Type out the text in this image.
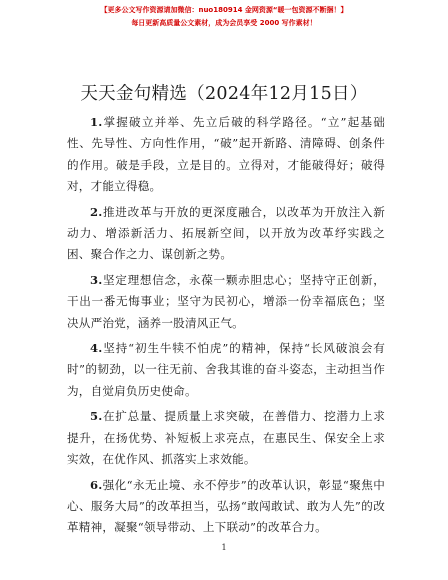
【更多公文写作资源请加微信：nuo180914 金网资源“暖一包资源不断捆！】
每日更新高质量公文素材，成为会员享受 2000 写作素材！
天天金句精选（2024年12月15日）

1.掌握破立并举、先立后破的科学路径。“立”起基础性、先导性、方向性作用，“破”起开新路、清障碍、创条件的作用。破是手段，立是目的。立得对，才能破得好；破得对，才能立得稳。

2.推进改革与开放的更深度融合，以改革为开放注入新动力、增添新活力、拓展新空间，以开放为改革纾实践之困、聚合作之力、谋创新之势。

3.坚定理想信念，永葆一颗赤胆忠心；坚持守正创新，干出一番无悔事业；坚守为民初心，增添一份幸福底色；坚决从严治党，涵养一股清风正气。

4.坚持“初生牛犊不怕虎”的精神，保持“长风破浪会有时”的韧劲，以一往无前、舍我其谁的奋斗姿态，主动担当作为，自觉肩负历史使命。

5.在扩总量、提质量上求突破，在善借力、挖潜力上求提升，在扬优势、补短板上求亮点，在惠民生、保安全上求实效，在优作风、抓落实上求效能。

6.强化“永无止境、永不停步”的改革认识，彰显“聚焦中心、服务大局”的改革担当，弘扬“敢闯敢试、敢为人先”的改革精神，凝聚“领导带动、上下联动”的改革合力。

1
